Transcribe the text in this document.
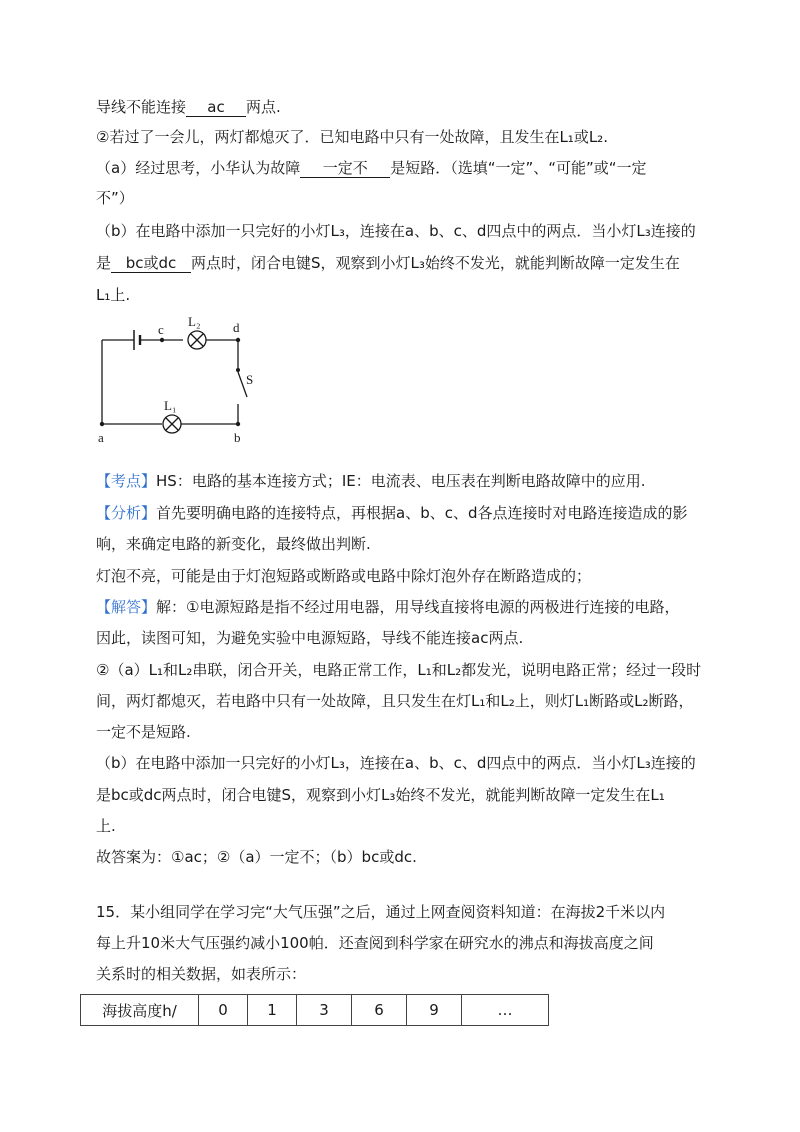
导线不能连接 ac 两点.
②若过了一会儿，两灯都熄灭了．已知电路中只有一处故障，且发生在L₁或L₂.
（a）经过思考，小华认为故障 一定不 是短路．（选填“一定”、“可能”或“一定
不”）
（b）在电路中添加一只完好的小灯L₃，连接在a、b、c、d四点中的两点．当小灯L₃连接的
是 bc或dc 两点时，闭合电键S，观察到小灯L₃始终不发光，就能判断故障一定发生在
L₁上.
c
L₂	d
S
L₁
a	b
【考点】HS：电路的基本连接方式；IE：电流表、电压表在判断电路故障中的应用.
【分析】首先要明确电路的连接特点，再根据a、b、c、d各点连接时对电路连接造成的影
响，来确定电路的新变化，最终做出判断.
灯泡不亮，可能是由于灯泡短路或断路或电路中除灯泡外存在断路造成的；
【解答】解：①电源短路是指不经过用电器，用导线直接将电源的两极进行连接的电路，
因此，读图可知，为避免实验中电源短路，导线不能连接ac两点.
②（a）L₁和L₂串联，闭合开关，电路正常工作，L₁和L₂都发光，说明电路正常；经过一段时
间，两灯都熄灭，若电路中只有一处故障，且只发生在灯L₁和L₂上，则灯L₁断路或L₂断路，
一定不是短路.
（b）在电路中添加一只完好的小灯L₃，连接在a、b、c、d四点中的两点．当小灯L₃连接的
是bc或dc两点时，闭合电键S，观察到小灯L₃始终不发光，就能判断故障一定发生在L₁
上.
故答案为：①ac；②（a）一定不；（b）bc或dc.
15．某小组同学在学习完“大气压强”之后，通过上网查阅资料知道：在海拔2千米以内
每上升10米大气压强约减小100帕．还查阅到科学家在研究水的沸点和海拔高度之间
关系时的相关数据，如表所示：
海拔高度h/	0	1	3	6	9	…
